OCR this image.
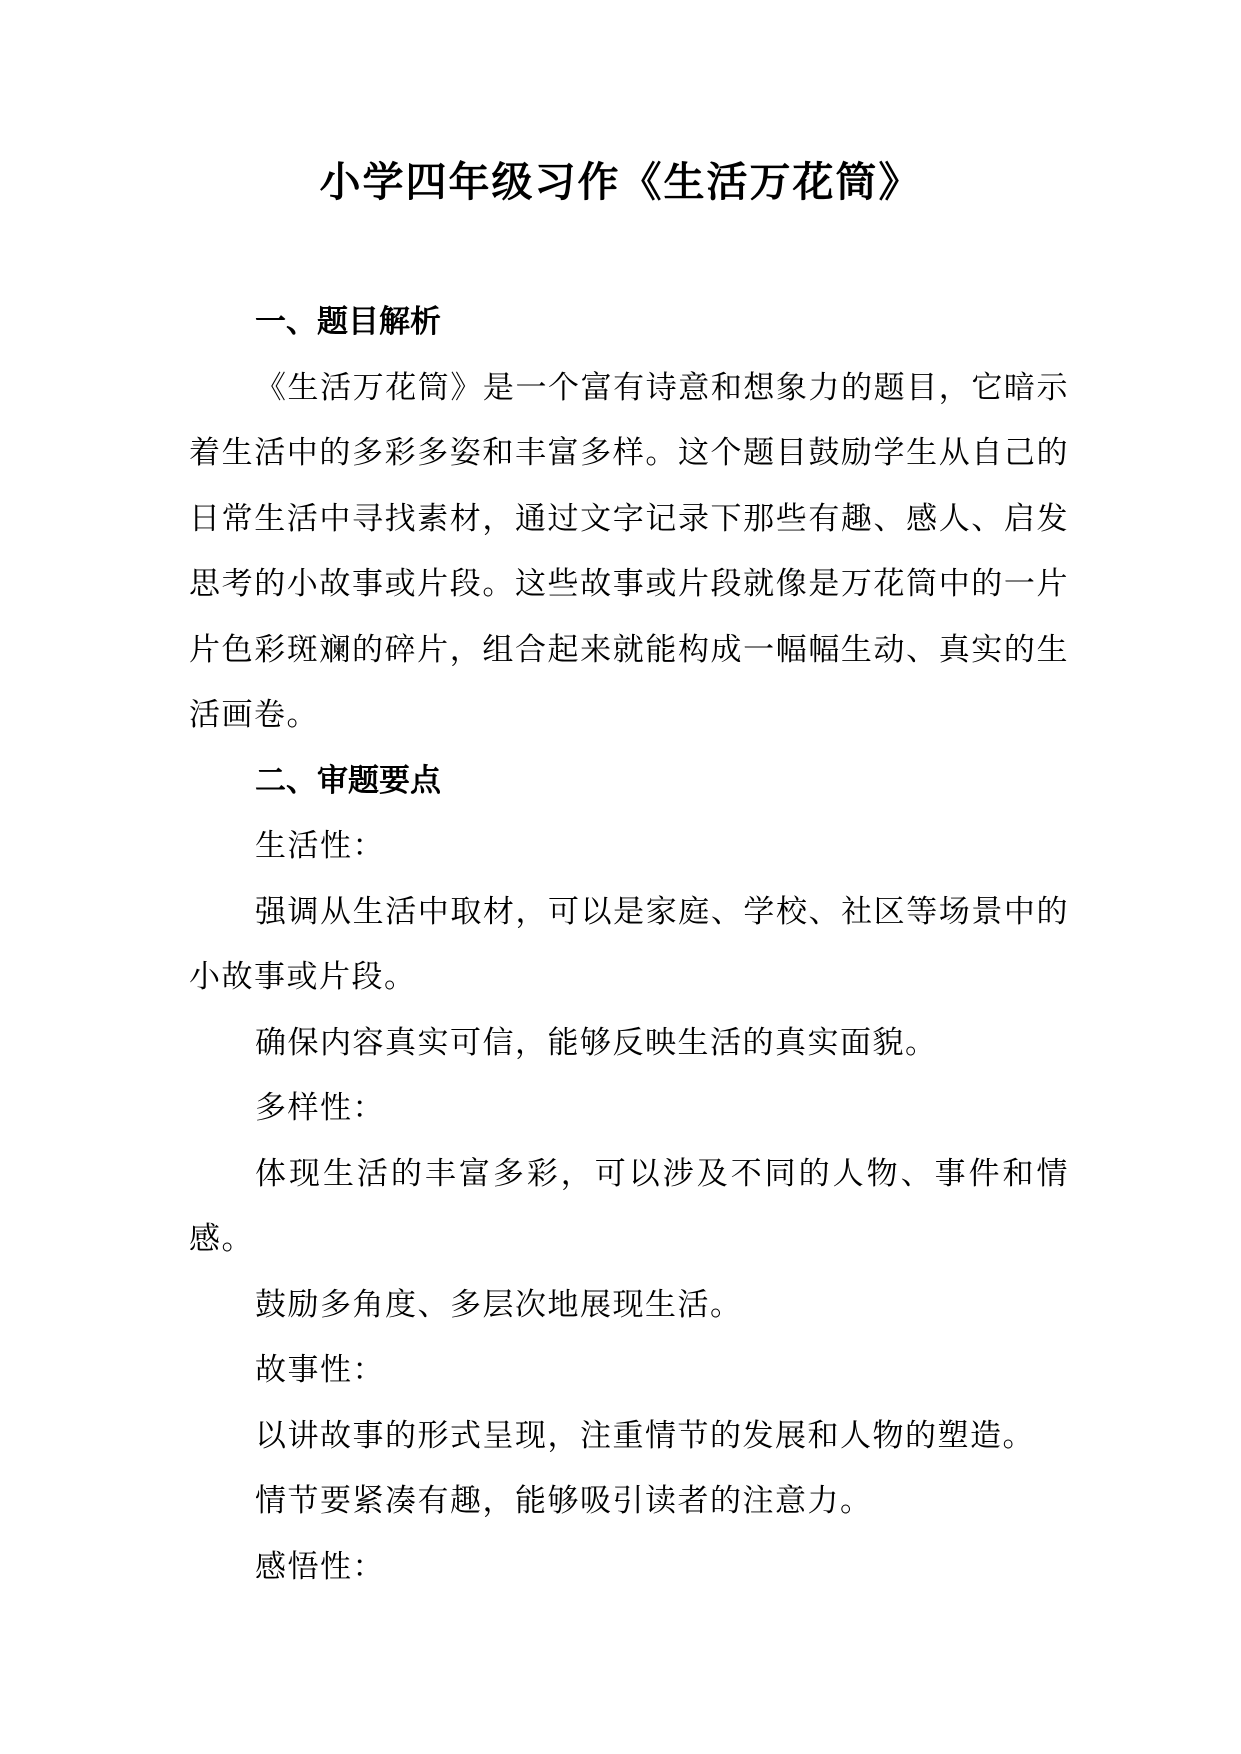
小学四年级习作《生活万花筒》
一、题目解析
《生活万花筒》是一个富有诗意和想象力的题目，它暗示着生活中的多彩多姿和丰富多样。这个题目鼓励学生从自己的日常生活中寻找素材，通过文字记录下那些有趣、感人、启发思考的小故事或片段。这些故事或片段就像是万花筒中的一片片色彩斑斓的碎片，组合起来就能构成一幅幅生动、真实的生活画卷。
二、审题要点
生活性：
强调从生活中取材，可以是家庭、学校、社区等场景中的小故事或片段。
确保内容真实可信，能够反映生活的真实面貌。
多样性：
体现生活的丰富多彩，可以涉及不同的人物、事件和情感。
鼓励多角度、多层次地展现生活。
故事性：
以讲故事的形式呈现，注重情节的发展和人物的塑造。
情节要紧凑有趣，能够吸引读者的注意力。
感悟性：
